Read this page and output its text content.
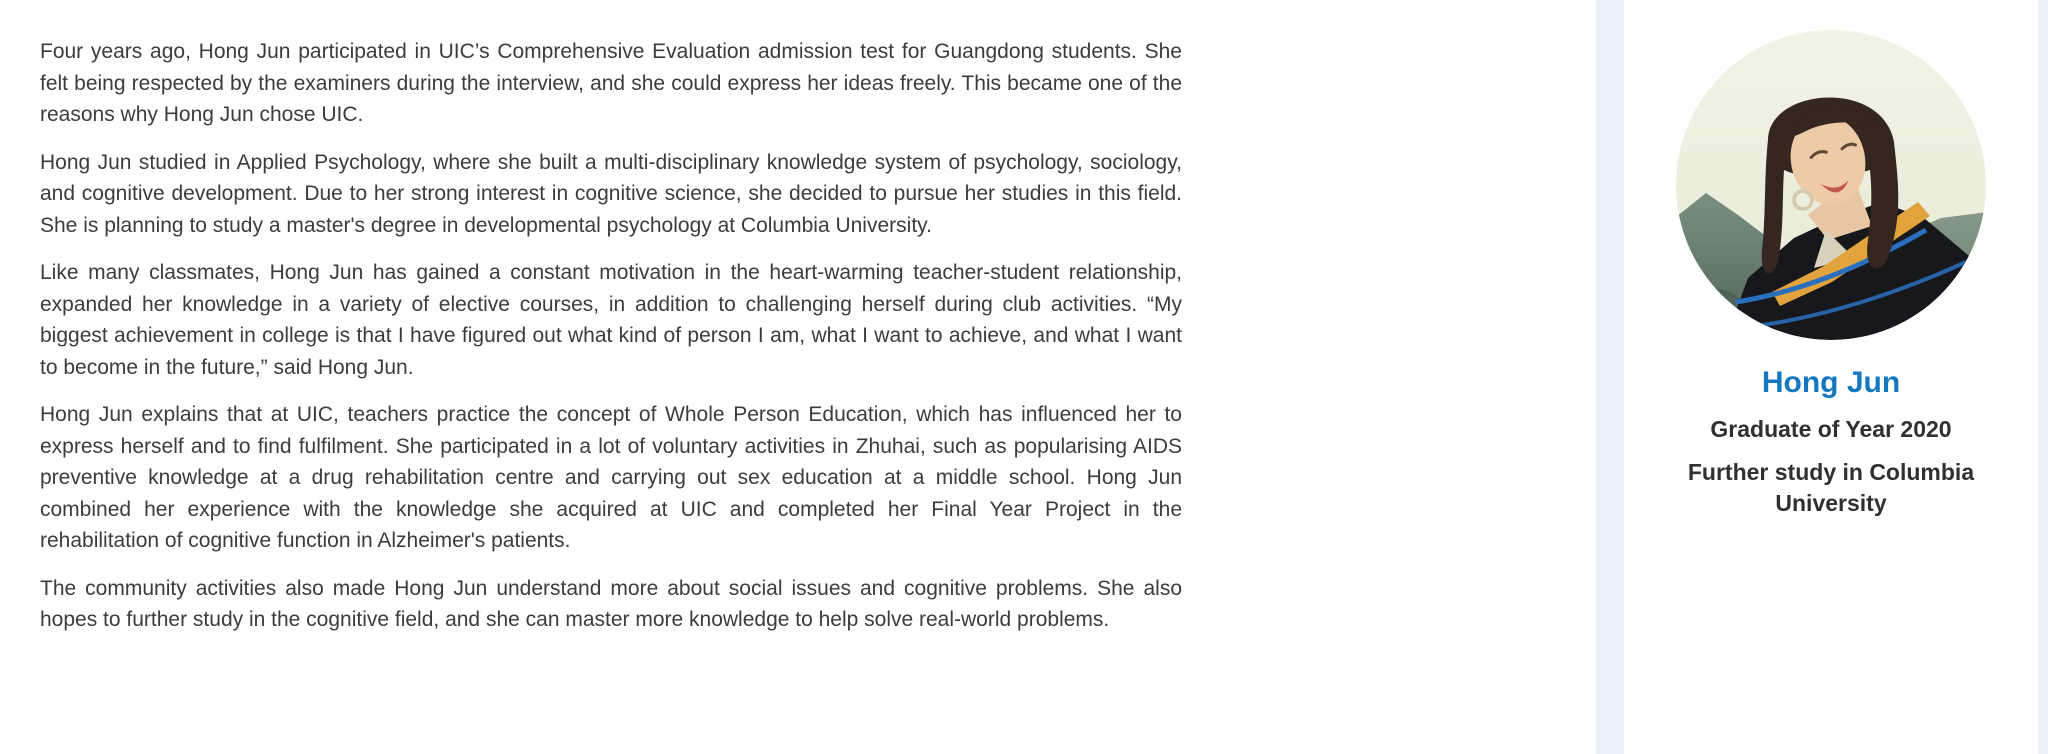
Four years ago, Hong Jun participated in UIC’s Comprehensive Evaluation admission test for Guangdong students. She felt being respected by the examiners during the interview, and she could express her ideas freely. This became one of the reasons why Hong Jun chose UIC.

Hong Jun studied in Applied Psychology, where she built a multi-disciplinary knowledge system of psychology, sociology, and cognitive development. Due to her strong interest in cognitive science, she decided to pursue her studies in this field. She is planning to study a master's degree in developmental psychology at Columbia University.

Like many classmates, Hong Jun has gained a constant motivation in the heart-warming teacher-student relationship, expanded her knowledge in a variety of elective courses, in addition to challenging herself during club activities. “My biggest achievement in college is that I have figured out what kind of person I am, what I want to achieve, and what I want to become in the future,” said Hong Jun.

Hong Jun explains that at UIC, teachers practice the concept of Whole Person Education, which has influenced her to express herself and to find fulfilment. She participated in a lot of voluntary activities in Zhuhai, such as popularising AIDS preventive knowledge at a drug rehabilitation centre and carrying out sex education at a middle school. Hong Jun combined her experience with the knowledge she acquired at UIC and completed her Final Year Project in the rehabilitation of cognitive function in Alzheimer's patients.

The community activities also made Hong Jun understand more about social issues and cognitive problems. She also hopes to further study in the cognitive field, and she can master more knowledge to help solve real-world problems.

Hong Jun
Graduate of Year 2020
Further study in Columbia University
